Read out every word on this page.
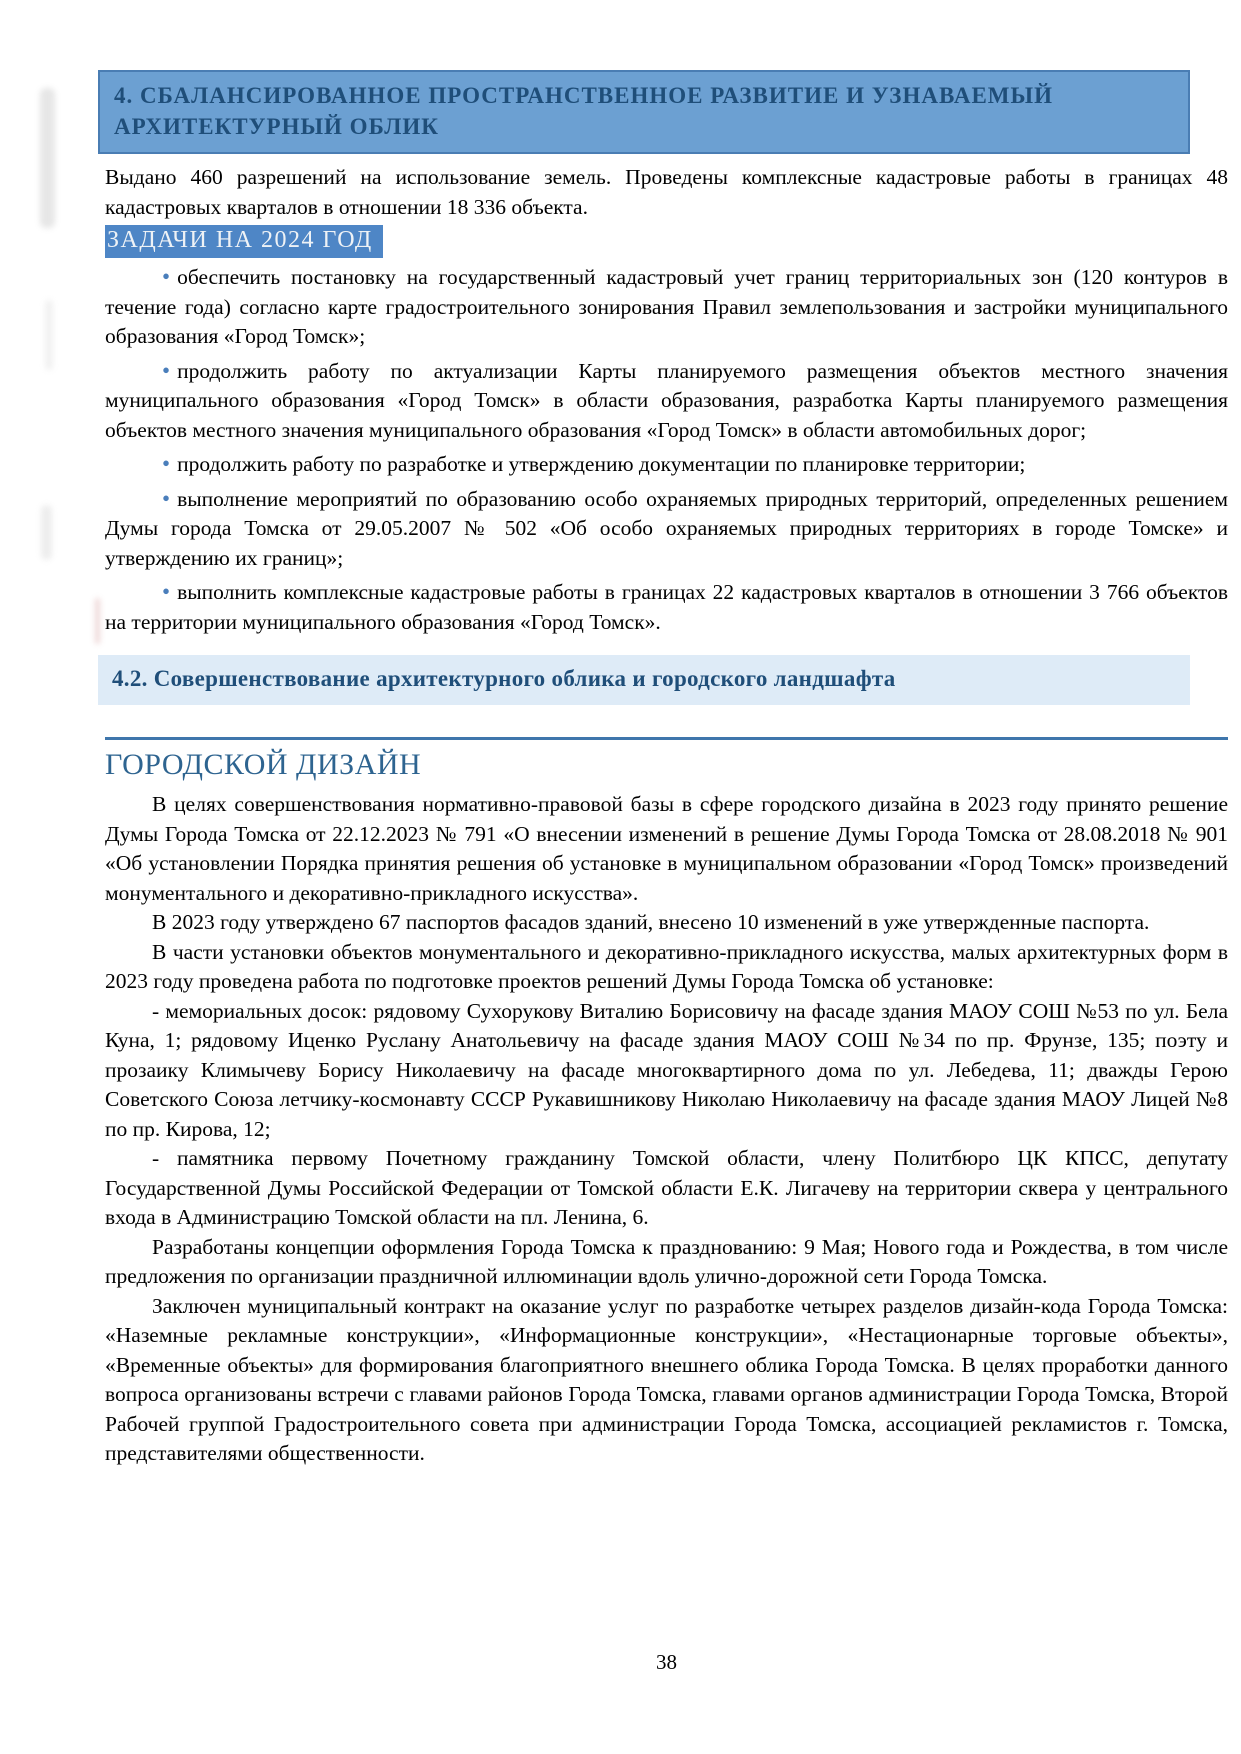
4. СБАЛАНСИРОВАННОЕ ПРОСТРАНСТВЕННОЕ РАЗВИТИЕ И УЗНАВАЕМЫЙ АРХИТЕКТУРНЫЙ ОБЛИК

Выдано 460 разрешений на использование земель. Проведены комплексные кадастровые работы в границах 48 кадастровых кварталов в отношении 18 336 объекта.

ЗАДАЧИ НА 2024 ГОД

• обеспечить постановку на государственный кадастровый учет границ территориальных зон (120 контуров в течение года) согласно карте градостроительного зонирования Правил землепользования и застройки муниципального образования «Город Томск»;

• продолжить работу по актуализации Карты планируемого размещения объектов местного значения муниципального образования «Город Томск» в области образования, разработка Карты планируемого размещения объектов местного значения муниципального образования «Город Томск» в области автомобильных дорог;

• продолжить работу по разработке и утверждению документации по планировке территории;

• выполнение мероприятий по образованию особо охраняемых природных территорий, определенных решением Думы города Томска от 29.05.2007 № 502 «Об особо охраняемых природных территориях в городе Томске» и утверждению их границ»;

• выполнить комплексные кадастровые работы в границах 22 кадастровых кварталов в отношении 3 766 объектов на территории муниципального образования «Город Томск».

4.2. Совершенствование архитектурного облика и городского ландшафта
ГОРОДСКОЙ ДИЗАЙН

В целях совершенствования нормативно-правовой базы в сфере городского дизайна в 2023 году принято решение Думы Города Томска от 22.12.2023 № 791 «О внесении изменений в решение Думы Города Томска от 28.08.2018 № 901 «Об установлении Порядка принятия решения об установке в муниципальном образовании «Город Томск» произведений монументального и декоративно-прикладного искусства».

В 2023 году утверждено 67 паспортов фасадов зданий, внесено 10 изменений в уже утвержденные паспорта.

В части установки объектов монументального и декоративно-прикладного искусства, малых архитектурных форм в 2023 году проведена работа по подготовке проектов решений Думы Города Томска об установке:

- мемориальных досок: рядовому Сухорукову Виталию Борисовичу на фасаде здания МАОУ СОШ №53 по ул. Бела Куна, 1; рядовому Иценко Руслану Анатольевичу на фасаде здания МАОУ СОШ №34 по пр. Фрунзе, 135; поэту и прозаику Климычеву Борису Николаевичу на фасаде многоквартирного дома по ул. Лебедева, 11; дважды Герою Советского Союза летчику-космонавту СССР Рукавишникову Николаю Николаевичу на фасаде здания МАОУ Лицей №8 по пр. Кирова, 12;

- памятника первому Почетному гражданину Томской области, члену Политбюро ЦК КПСС, депутату Государственной Думы Российской Федерации от Томской области Е.К. Лигачеву на территории сквера у центрального входа в Администрацию Томской области на пл. Ленина, 6.

Разработаны концепции оформления Города Томска к празднованию: 9 Мая; Нового года и Рождества, в том числе предложения по организации праздничной иллюминации вдоль улично-дорожной сети Города Томска.

Заключен муниципальный контракт на оказание услуг по разработке четырех разделов дизайн-кода Города Томска: «Наземные рекламные конструкции», «Информационные конструкции», «Нестационарные торговые объекты», «Временные объекты» для формирования благоприятного внешнего облика Города Томска. В целях проработки данного вопроса организованы встречи с главами районов Города Томска, главами органов администрации Города Томска, Второй Рабочей группой Градостроительного совета при администрации Города Томска, ассоциацией рекламистов г. Томска, представителями общественности.

38
